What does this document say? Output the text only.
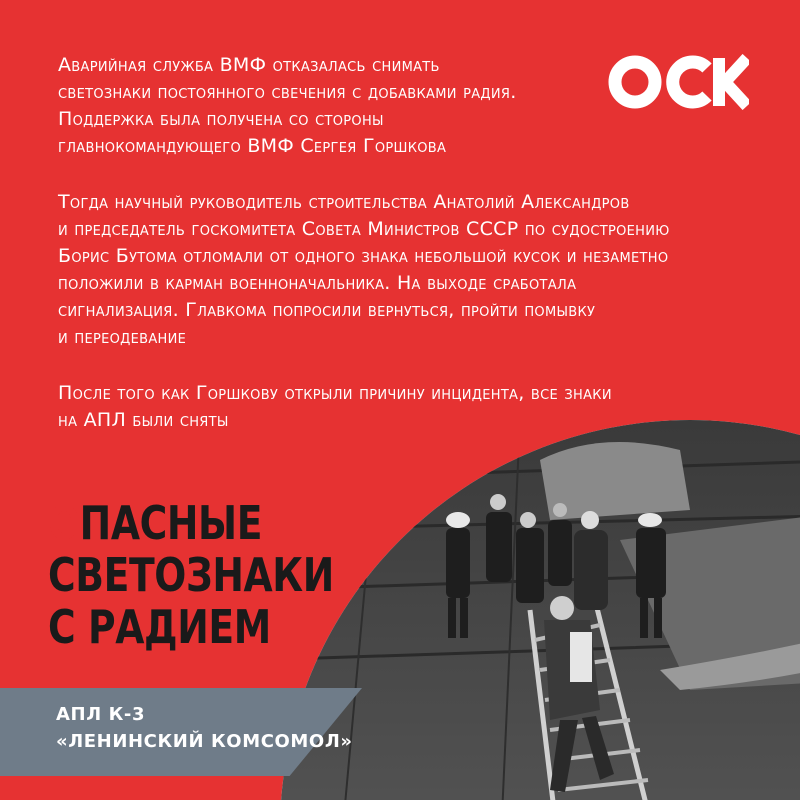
Аварийная служба ВМФ отказалась снимать
светознаки постоянного свечения с добавками радия.
Поддержка была получена со стороны
главнокомандующего ВМФ Сергея Горшкова

Тогда научный руководитель строительства Анатолий Александров
и председатель госкомитета Совета Министров СССР по судостроению
Борис Бутома отломали от одного знака небольшой кусок и незаметно
положили в карман военноначальника. На выходе сработала
сигнализация. Главкома попросили вернуться, пройти помывку
и переодевание

После того как Горшкову открыли причину инцидента, все знаки
на АПЛ были сняты

ОПАСНЫЕ
СВЕТОЗНАКИ
С РАДИЕМ
АПЛ К-3
«ЛЕНИНСКИЙ КОМСОМОЛ»
